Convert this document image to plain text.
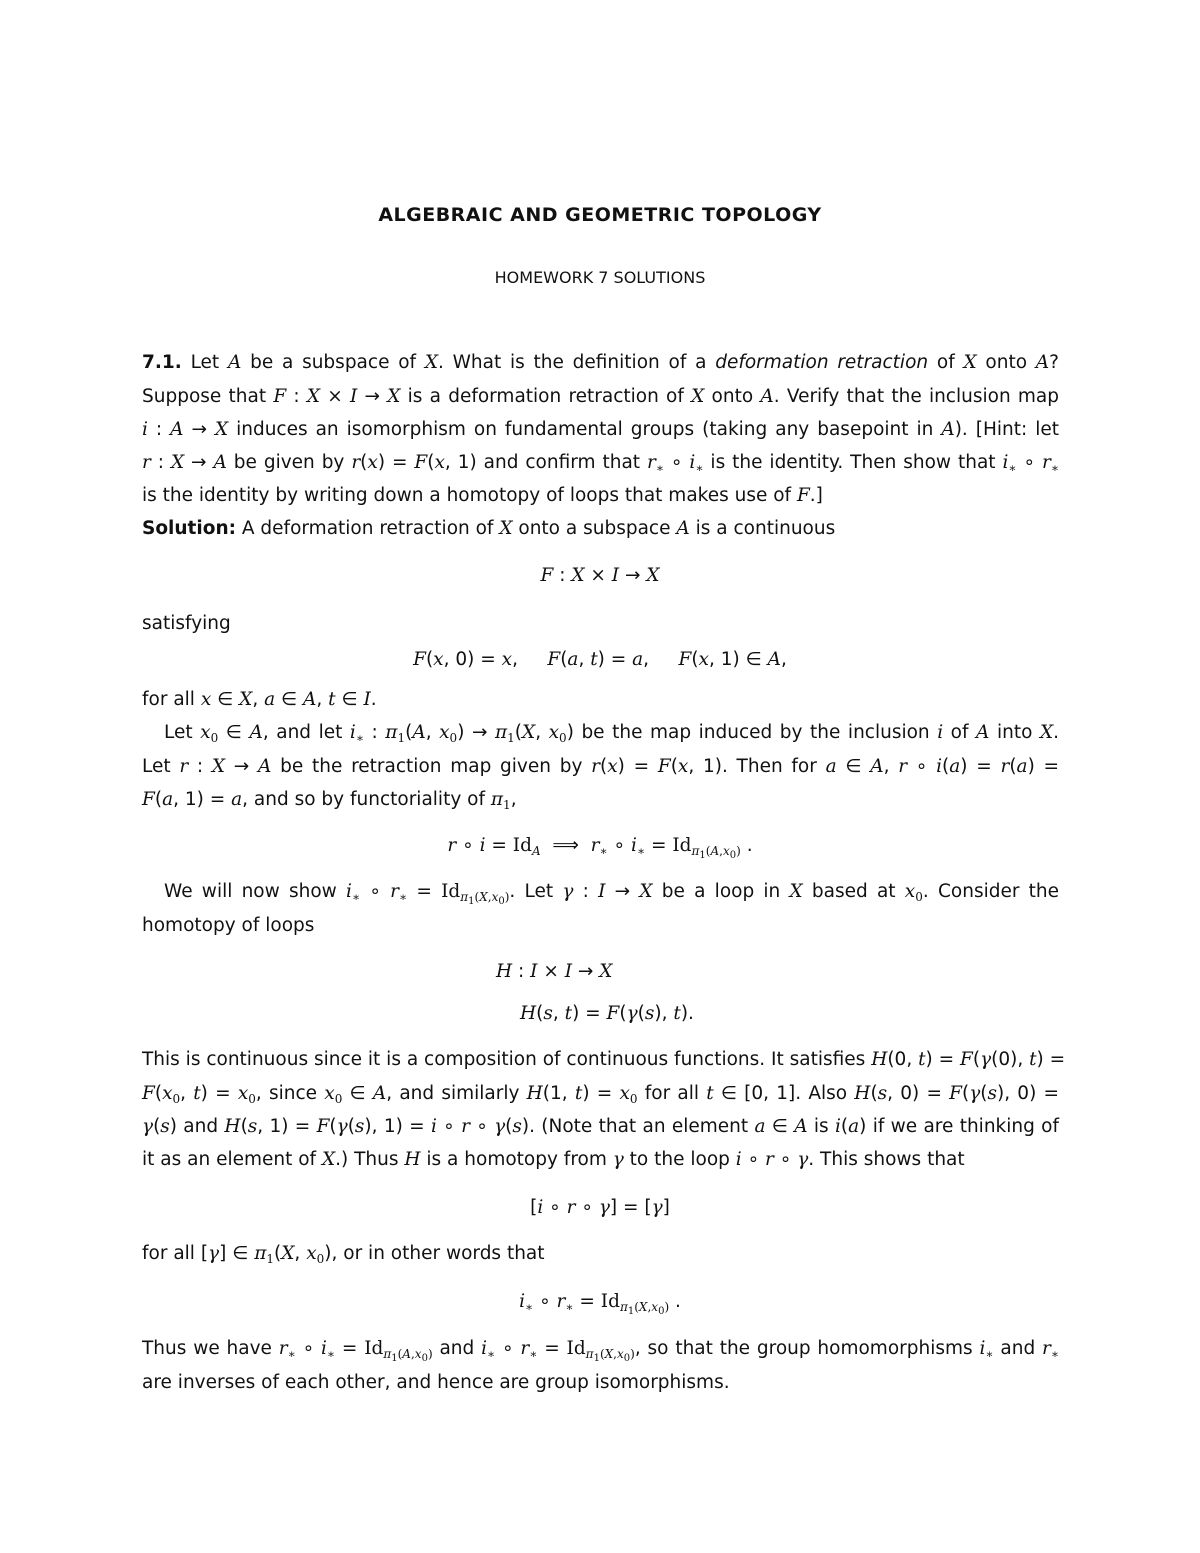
ALGEBRAIC AND GEOMETRIC TOPOLOGY
HOMEWORK 7 SOLUTIONS
7.1. Let A be a subspace of X. What is the definition of a deformation retraction of X onto A?
Suppose that F : X × I → X is a deformation retraction of X onto A. Verify that the inclusion map
i : A → X induces an isomorphism on fundamental groups (taking any basepoint in A). [Hint: let
r : X → A be given by r(x) = F(x, 1) and confirm that $r_∗$ ∘ $i_∗$ is the identity. Then show that $i_∗$ ∘ $r_∗$
is the identity by writing down a homotopy of loops that makes use of F.]
Solution: A deformation retraction of X onto a subspace A is a continuous
F : X × I → X
satisfying
F(x, 0) = x,     F(a, t) = a,     F(x, 1) ∈ A,
for all x ∈ X, a ∈ A, t ∈ I.
Let $x_0$ ∈ A, and let $i_∗$ : $\pi_1(A$, $x_0) \to \pi_1(X$, $x_0$) be the map induced by the inclusion i of A into X.
Let r : X → A be the retraction map given by r(x) = F(x, 1). Then for a ∈ A, r ∘ i(a) = r(a) =
F(a, 1) = a, and so by functoriality of $\pi_1$,
r ∘ $i = Id_A$  ⟹  $r_∗$ ∘ $i_∗ = Id_{\pi_1(A,x_0)}$ .
We will now show $i_∗$ ∘ $r_∗ = Id_{\pi_1(X,x_0)}$. Let γ : I → X be a loop in X based at $x_0$. Consider the
homotopy of loops
H : I × I → X
H(s, t) = F(γ(s), t).
This is continuous since it is a composition of continuous functions. It satisfies H(0, t) = F(γ(0), t) =
$F(x_0$, $t) = x_0$, since $x_0$ ∈ A, and similarly H(1, $t) = x_0$ for all t ∈ [0, 1]. Also H(s, 0) = F(γ(s), 0) =
γ(s) and H(s, 1) = F(γ(s), 1) = i ∘ r ∘ γ(s). (Note that an element a ∈ A is i(a) if we are thinking of
it as an element of X.) Thus H is a homotopy from γ to the loop i ∘ r ∘ γ. This shows that
[i ∘ r ∘ γ] = [γ]
for all [γ] ∈ $\pi_1(X$, $x_0$), or in other words that
$i_∗$ ∘ $r_∗ = Id_{\pi_1(X,x_0)}$ .
Thus we have $r_∗$ ∘ $i_∗ = Id_{\pi_1(A,x_0)}$ and $i_∗$ ∘ $r_∗ = Id_{\pi_1(X,x_0)}$, so that the group homomorphisms $i_∗$ and $r_∗$
are inverses of each other, and hence are group isomorphisms.
